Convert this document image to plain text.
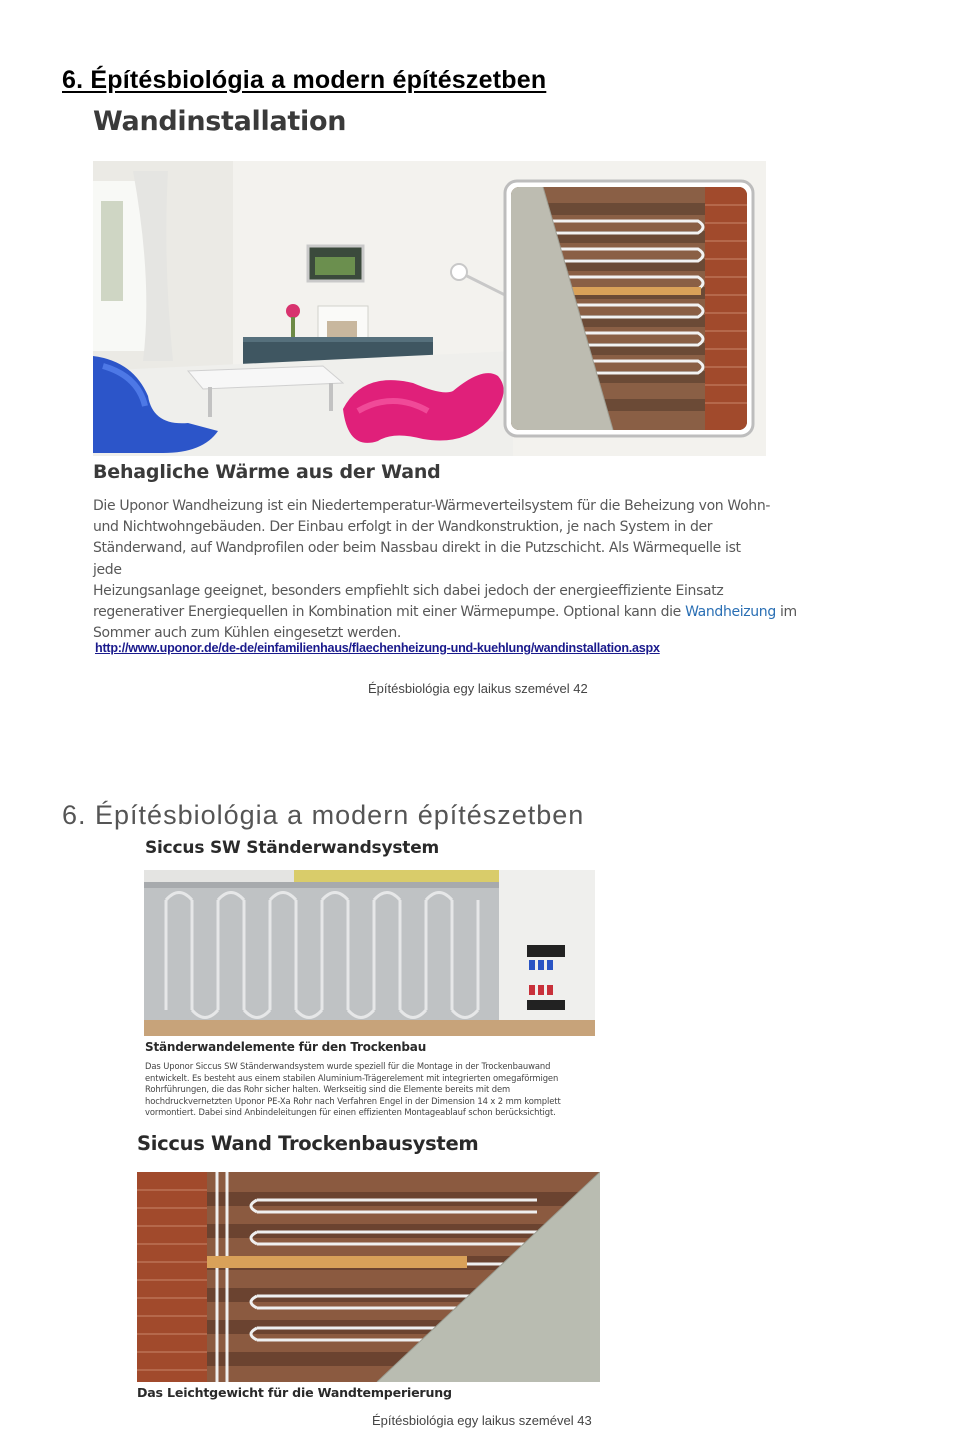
6. Építésbiológia a modern építészetben
Wandinstallation
Behagliche Wärme aus der Wand
Die Uponor Wandheizung ist ein Niedertemperatur-Wärmeverteilsystem für die Beheizung von Wohn-
und Nichtwohngebäuden. Der Einbau erfolgt in der Wandkonstruktion, je nach System in der
Ständerwand, auf Wandprofilen oder beim Nassbau direkt in die Putzschicht. Als Wärmequelle ist jede
Heizungsanlage geeignet, besonders empfiehlt sich dabei jedoch der energieeffiziente Einsatz
regenerativer Energiequellen in Kombination mit einer Wärmepumpe. Optional kann die Wandheizung im
Sommer auch zum Kühlen eingesetzt werden.
http://www.uponor.de/de-de/einfamilienhaus/flaechenheizung-und-kuehlung/wandinstallation.aspx
Építésbiológia egy laikus szemével 42
6. Építésbiológia a modern építészetben
Siccus SW Ständerwandsystem
Ständerwandelemente für den Trockenbau
Das Uponor Siccus SW Ständerwandsystem wurde speziell für die Montage in der Trockenbauwand
entwickelt. Es besteht aus einem stabilen Aluminium-Trägerelement mit integrierten omegaförmigen
Rohrführungen, die das Rohr sicher halten. Werkseitig sind die Elemente bereits mit dem
hochdruckvernetzten Uponor PE-Xa Rohr nach Verfahren Engel in der Dimension 14 x 2 mm komplett
vormontiert. Dabei sind Anbindeleitungen für einen effizienten Montageablauf schon berücksichtigt.
Siccus Wand Trockenbausystem
Das Leichtgewicht für die Wandtemperierung
Építésbiológia egy laikus szemével 43
